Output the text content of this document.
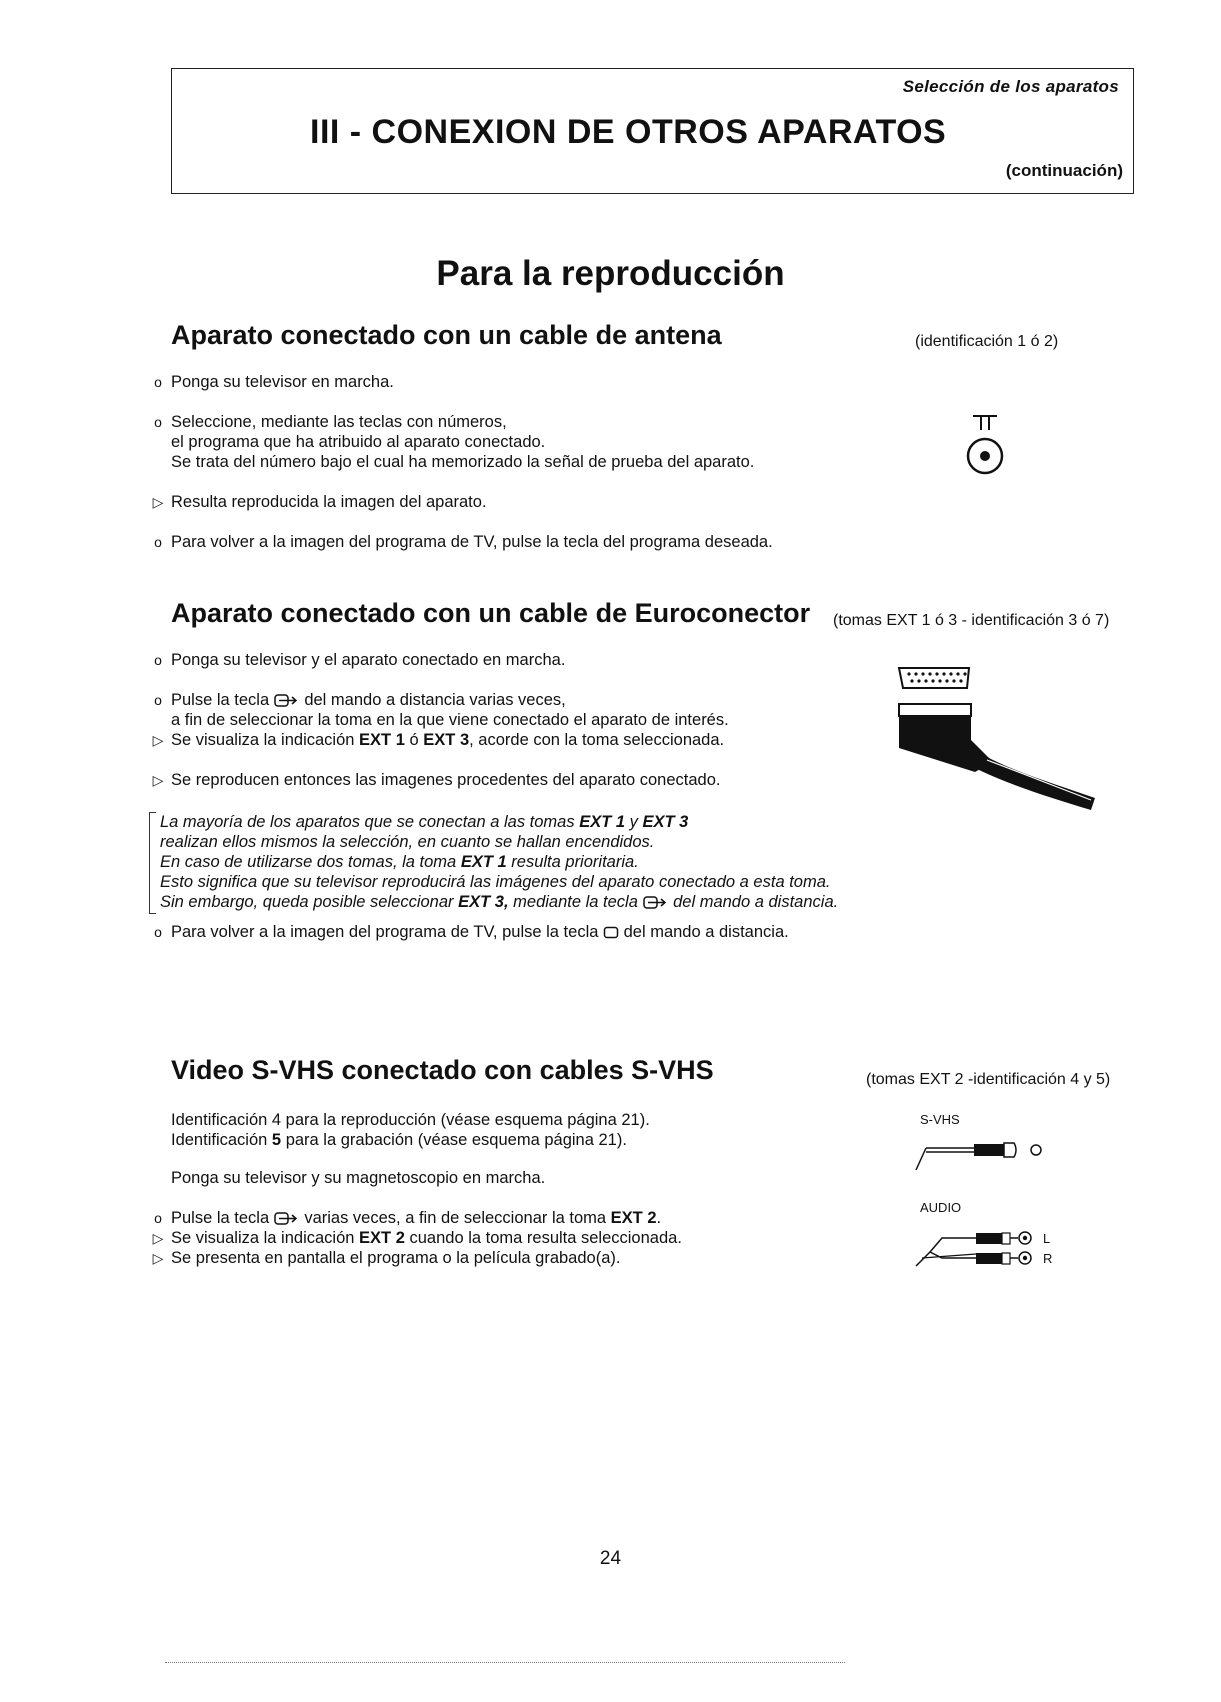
Selección de los aparatos
III - CONEXION DE OTROS APARATOS
(continuación)
Para la reproducción
Aparato conectado con un cable de antena	(identificación 1 ó 2)
o Ponga su televisor en marcha.
o Seleccione, mediante las teclas con números,
el programa que ha atribuido al aparato conectado.
Se trata del número bajo el cual ha memorizado la señal de prueba del aparato.
▷ Resulta reproducida la imagen del aparato.
o Para volver a la imagen del programa de TV, pulse la tecla del programa deseada.
Aparato conectado con un cable de Euroconector (tomas EXT 1 ó 3 - identificación 3 ó 7)
o Ponga su televisor y el aparato conectado en marcha.
o Pulse la tecla del mando a distancia varias veces,
a fin de seleccionar la toma en la que viene conectado el aparato de interés.
▷ Se visualiza la indicación EXT 1 ó EXT 3, acorde con la toma seleccionada.
▷ Se reproducen entonces las imagenes procedentes del aparato conectado.
La mayoría de los aparatos que se conectan a las tomas EXT 1 y EXT 3
realizan ellos mismos la selección, en cuanto se hallan encendidos.
En caso de utilizarse dos tomas, la toma EXT 1 resulta prioritaria.
Esto significa que su televisor reproducirá las imágenes del aparato conectado a esta toma.
Sin embargo, queda posible seleccionar EXT 3, mediante la tecla del mando a distancia.
o Para volver a la imagen del programa de TV, pulse la tecla del mando a distancia.
Video S-VHS conectado con cables S-VHS	(tomas EXT 2 -identificación 4 y 5)
Identificación 4 para la reproducción (véase esquema página 21).
Identificación 5 para la grabación (véase esquema página 21).
Ponga su televisor y su magnetoscopio en marcha.
o Pulse la tecla varias veces, a fin de seleccionar la toma EXT 2.
▷ Se visualiza la indicación EXT 2 cuando la toma resulta seleccionada.
▷ Se presenta en pantalla el programa o la película grabado(a).
S-VHS
AUDIO
L
R
24
